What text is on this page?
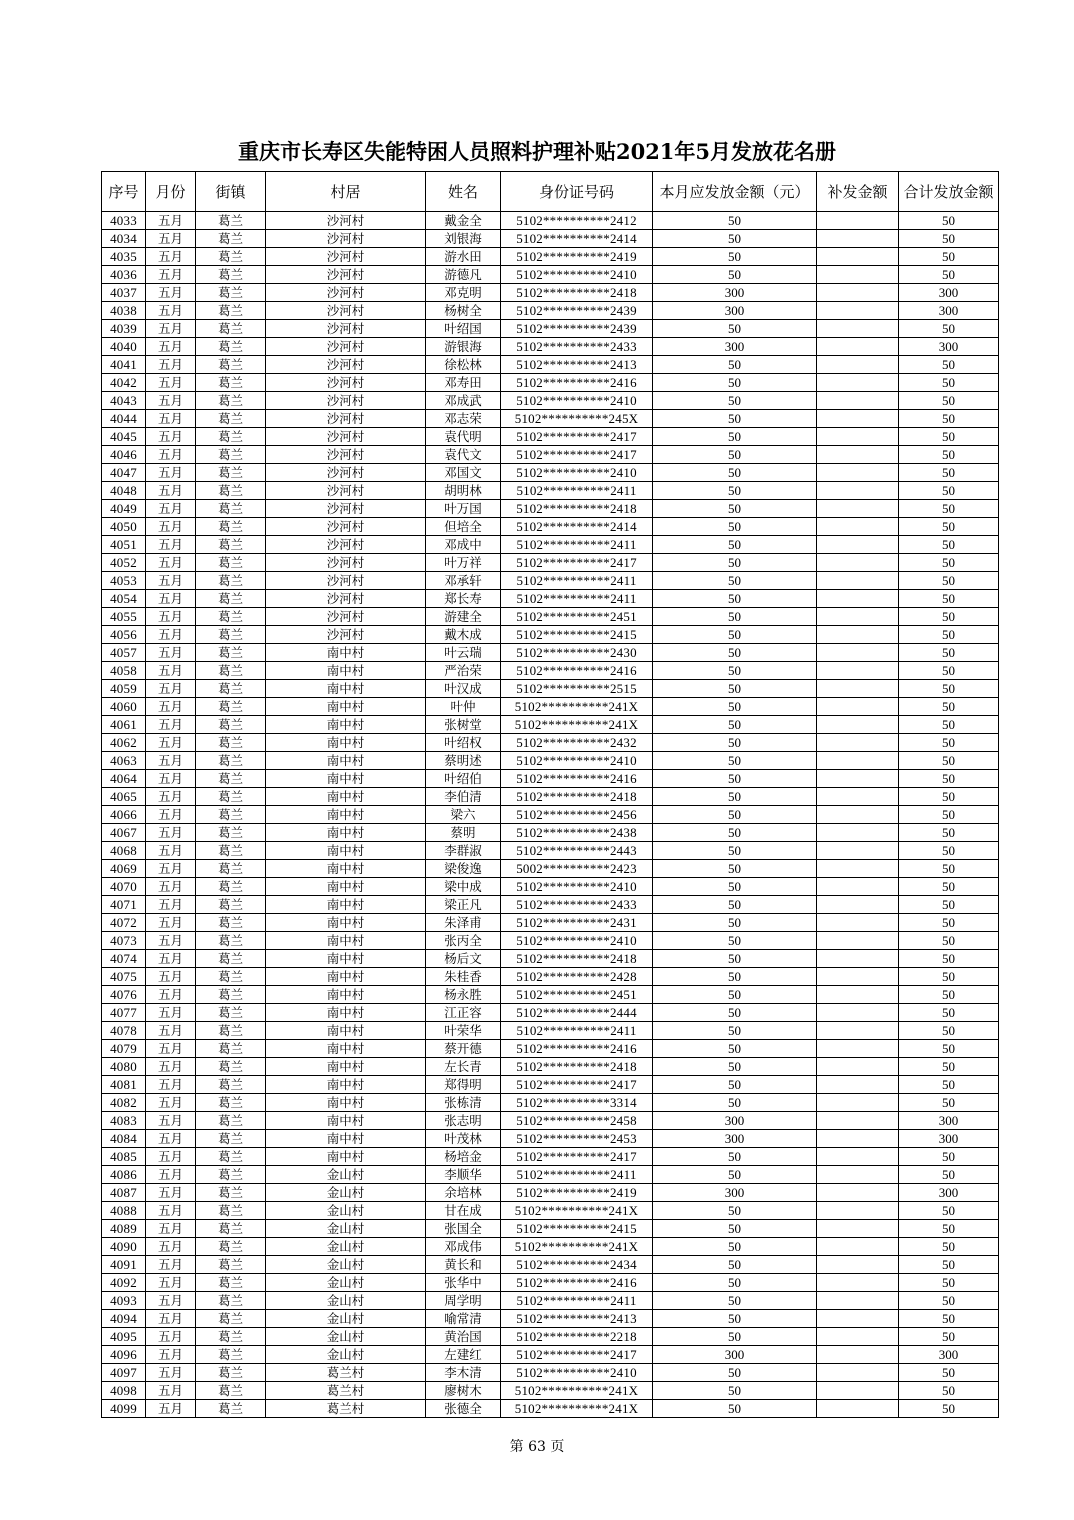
重庆市长寿区失能特困人员照料护理补贴2021年5月发放花名册
序号	月份	街镇	村居	姓名	身份证号码	本月应发放金额（元）	补发金额	合计发放金额

4033	五月	葛兰	沙河村	戴金全	5102**********2412	50		50
4034	五月	葛兰	沙河村	刘银海	5102**********2414	50		50
4035	五月	葛兰	沙河村	游水田	5102**********2419	50		50
4036	五月	葛兰	沙河村	游德凡	5102**********2410	50		50
4037	五月	葛兰	沙河村	邓克明	5102**********2418	300		300
4038	五月	葛兰	沙河村	杨树全	5102**********2439	300		300
4039	五月	葛兰	沙河村	叶绍国	5102**********2439	50		50
4040	五月	葛兰	沙河村	游银海	5102**********2433	300		300
4041	五月	葛兰	沙河村	徐松林	5102**********2413	50		50
4042	五月	葛兰	沙河村	邓寿田	5102**********2416	50		50
4043	五月	葛兰	沙河村	邓成武	5102**********2410	50		50
4044	五月	葛兰	沙河村	邓志荣	5102**********245X	50		50
4045	五月	葛兰	沙河村	袁代明	5102**********2417	50		50
4046	五月	葛兰	沙河村	袁代文	5102**********2417	50		50
4047	五月	葛兰	沙河村	邓国文	5102**********2410	50		50
4048	五月	葛兰	沙河村	胡明林	5102**********2411	50		50
4049	五月	葛兰	沙河村	叶万国	5102**********2418	50		50
4050	五月	葛兰	沙河村	但培全	5102**********2414	50		50
4051	五月	葛兰	沙河村	邓成中	5102**********2411	50		50
4052	五月	葛兰	沙河村	叶万祥	5102**********2417	50		50
4053	五月	葛兰	沙河村	邓承轩	5102**********2411	50		50
4054	五月	葛兰	沙河村	郑长寿	5102**********2411	50		50
4055	五月	葛兰	沙河村	游建全	5102**********2451	50		50
4056	五月	葛兰	沙河村	戴木成	5102**********2415	50		50
4057	五月	葛兰	南中村	叶云瑞	5102**********2430	50		50
4058	五月	葛兰	南中村	严治荣	5102**********2416	50		50
4059	五月	葛兰	南中村	叶汉成	5102**********2515	50		50
4060	五月	葛兰	南中村	叶仲	5102**********241X	50		50
4061	五月	葛兰	南中村	张树堂	5102**********241X	50		50
4062	五月	葛兰	南中村	叶绍权	5102**********2432	50		50
4063	五月	葛兰	南中村	蔡明述	5102**********2410	50		50
4064	五月	葛兰	南中村	叶绍伯	5102**********2416	50		50
4065	五月	葛兰	南中村	李伯清	5102**********2418	50		50
4066	五月	葛兰	南中村	梁六	5102**********2456	50		50
4067	五月	葛兰	南中村	蔡明	5102**********2438	50		50
4068	五月	葛兰	南中村	李群淑	5102**********2443	50		50
4069	五月	葛兰	南中村	梁俊逸	5002**********2423	50		50
4070	五月	葛兰	南中村	梁中成	5102**********2410	50		50
4071	五月	葛兰	南中村	梁正凡	5102**********2433	50		50
4072	五月	葛兰	南中村	朱泽甫	5102**********2431	50		50
4073	五月	葛兰	南中村	张丙全	5102**********2410	50		50
4074	五月	葛兰	南中村	杨后文	5102**********2418	50		50
4075	五月	葛兰	南中村	朱桂香	5102**********2428	50		50
4076	五月	葛兰	南中村	杨永胜	5102**********2451	50		50
4077	五月	葛兰	南中村	江正容	5102**********2444	50		50
4078	五月	葛兰	南中村	叶荣华	5102**********2411	50		50
4079	五月	葛兰	南中村	蔡开德	5102**********2416	50		50
4080	五月	葛兰	南中村	左长青	5102**********2418	50		50
4081	五月	葛兰	南中村	郑得明	5102**********2417	50		50
4082	五月	葛兰	南中村	张栋清	5102**********3314	50		50
4083	五月	葛兰	南中村	张志明	5102**********2458	300		300
4084	五月	葛兰	南中村	叶茂林	5102**********2453	300		300
4085	五月	葛兰	南中村	杨培金	5102**********2417	50		50
4086	五月	葛兰	金山村	李顺华	5102**********2411	50		50
4087	五月	葛兰	金山村	余培林	5102**********2419	300		300
4088	五月	葛兰	金山村	甘在成	5102**********241X	50		50
4089	五月	葛兰	金山村	张国全	5102**********2415	50		50
4090	五月	葛兰	金山村	邓成伟	5102**********241X	50		50
4091	五月	葛兰	金山村	黄长和	5102**********2434	50		50
4092	五月	葛兰	金山村	张华中	5102**********2416	50		50
4093	五月	葛兰	金山村	周学明	5102**********2411	50		50
4094	五月	葛兰	金山村	喻常清	5102**********2413	50		50
4095	五月	葛兰	金山村	黄治国	5102**********2218	50		50
4096	五月	葛兰	金山村	左建红	5102**********2417	300		300
4097	五月	葛兰	葛兰村	李木清	5102**********2410	50		50
4098	五月	葛兰	葛兰村	廖树木	5102**********241X	50		50
4099	五月	葛兰	葛兰村	张德全	5102**********241X	50		50
第 63 页
